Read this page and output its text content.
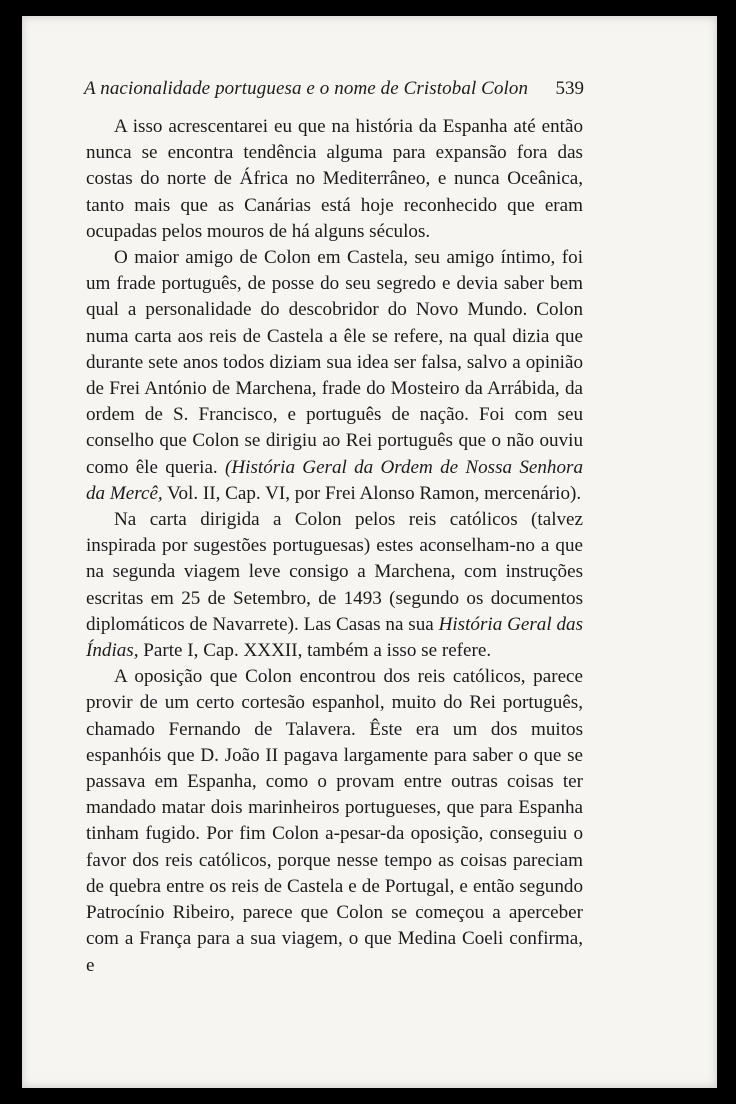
A nacionalidade portuguesa e o nome de Cristobal Colon 539

A isso acrescentarei eu que na história da Espanha até então nunca se encontra tendência alguma para expansão fora das costas do norte de África no Mediterrâneo, e nunca Oceânica, tanto mais que as Canárias está hoje reconhecido que eram ocupadas pelos mouros de há alguns séculos.

O maior amigo de Colon em Castela, seu amigo íntimo, foi um frade português, de posse do seu segredo e devia saber bem qual a personalidade do descobridor do Novo Mundo. Colon numa carta aos reis de Castela a êle se refere, na qual dizia que durante sete anos todos diziam sua idea ser falsa, salvo a opinião de Frei António de Marchena, frade do Mosteiro da Arrábida, da ordem de S. Francisco, e português de nação. Foi com seu conselho que Colon se dirigiu ao Rei português que o não ouviu como êle queria. (História Geral da Ordem de Nossa Senhora da Mercê, Vol. II, Cap. VI, por Frei Alonso Ramon, mercenário).

Na carta dirigida a Colon pelos reis católicos (talvez inspirada por sugestões portuguesas) estes aconselham-no a que na segunda viagem leve consigo a Marchena, com instruções escritas em 25 de Setembro, de 1493 (segundo os documentos diplomáticos de Navarrete). Las Casas na sua História Geral das Índias, Parte I, Cap. XXXII, também a isso se refere.

A oposição que Colon encontrou dos reis católicos, parece provir de um certo cortesão espanhol, muito do Rei português, chamado Fernando de Talavera. Êste era um dos muitos espanhóis que D. João II pagava largamente para saber o que se passava em Espanha, como o provam entre outras coisas ter mandado matar dois marinheiros portugueses, que para Espanha tinham fugido. Por fim Colon a-pesar-da oposição, conseguiu o favor dos reis católicos, porque nesse tempo as coisas pareciam de quebra entre os reis de Castela e de Portugal, e então segundo Patrocínio Ribeiro, parece que Colon se começou a aperceber com a França para a sua viagem, o que Medina Coeli confirma, e
